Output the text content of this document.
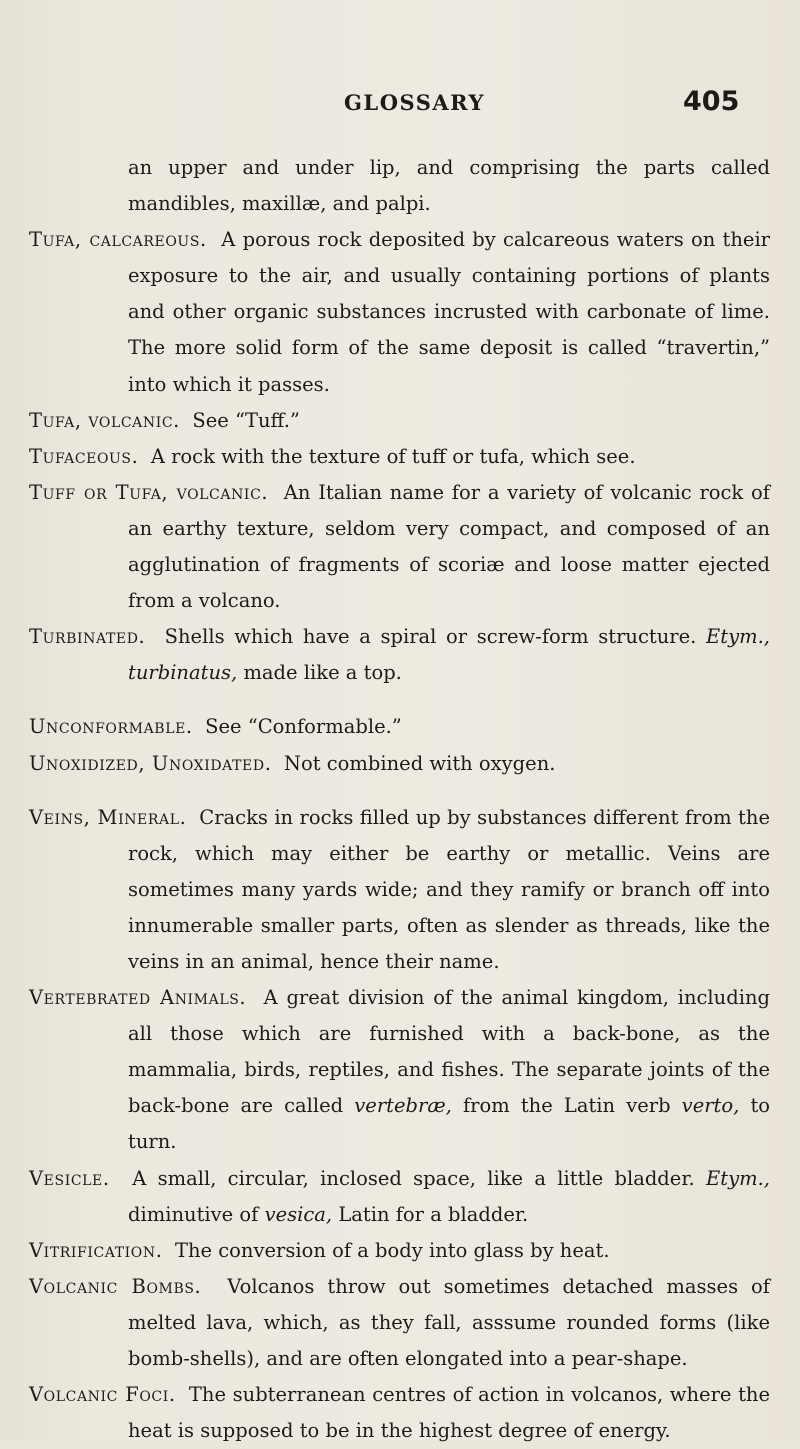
GLOSSARY	405

an upper and under lip, and comprising the parts called mandibles, maxillæ, and palpi.

Tufa, calcareous. A porous rock deposited by calcareous waters on their exposure to the air, and usually containing portions of plants and other organic substances incrusted with carbonate of lime. The more solid form of the same deposit is called “travertin,” into which it passes.

Tufa, volcanic. See “Tuff.”

Tufaceous. A rock with the texture of tuff or tufa, which see.

Tuff or Tufa, volcanic. An Italian name for a variety of volcanic rock of an earthy texture, seldom very compact, and composed of an agglutination of fragments of scoriæ and loose matter ejected from a volcano.

Turbinated. Shells which have a spiral or screw-form structure. Etym., turbinatus, made like a top.

Unconformable. See “Conformable.”

Unoxidized, Unoxidated. Not combined with oxygen.

Veins, Mineral. Cracks in rocks filled up by substances different from the rock, which may either be earthy or metallic. Veins are sometimes many yards wide; and they ramify or branch off into innumerable smaller parts, often as slender as threads, like the veins in an animal, hence their name.

Vertebrated Animals. A great division of the animal kingdom, including all those which are furnished with a back-bone, as the mammalia, birds, reptiles, and fishes. The separate joints of the back-bone are called vertebræ, from the Latin verb verto, to turn.

Vesicle. A small, circular, inclosed space, like a little bladder. Etym., diminutive of vesica, Latin for a bladder.

Vitrification. The conversion of a body into glass by heat.

Volcanic Bombs. Volcanos throw out sometimes detached masses of melted lava, which, as they fall, asssume rounded forms (like bomb-shells), and are often elongated into a pear-shape.

Volcanic Foci. The subterranean centres of action in volcanos, where the heat is supposed to be in the highest degree of energy.
